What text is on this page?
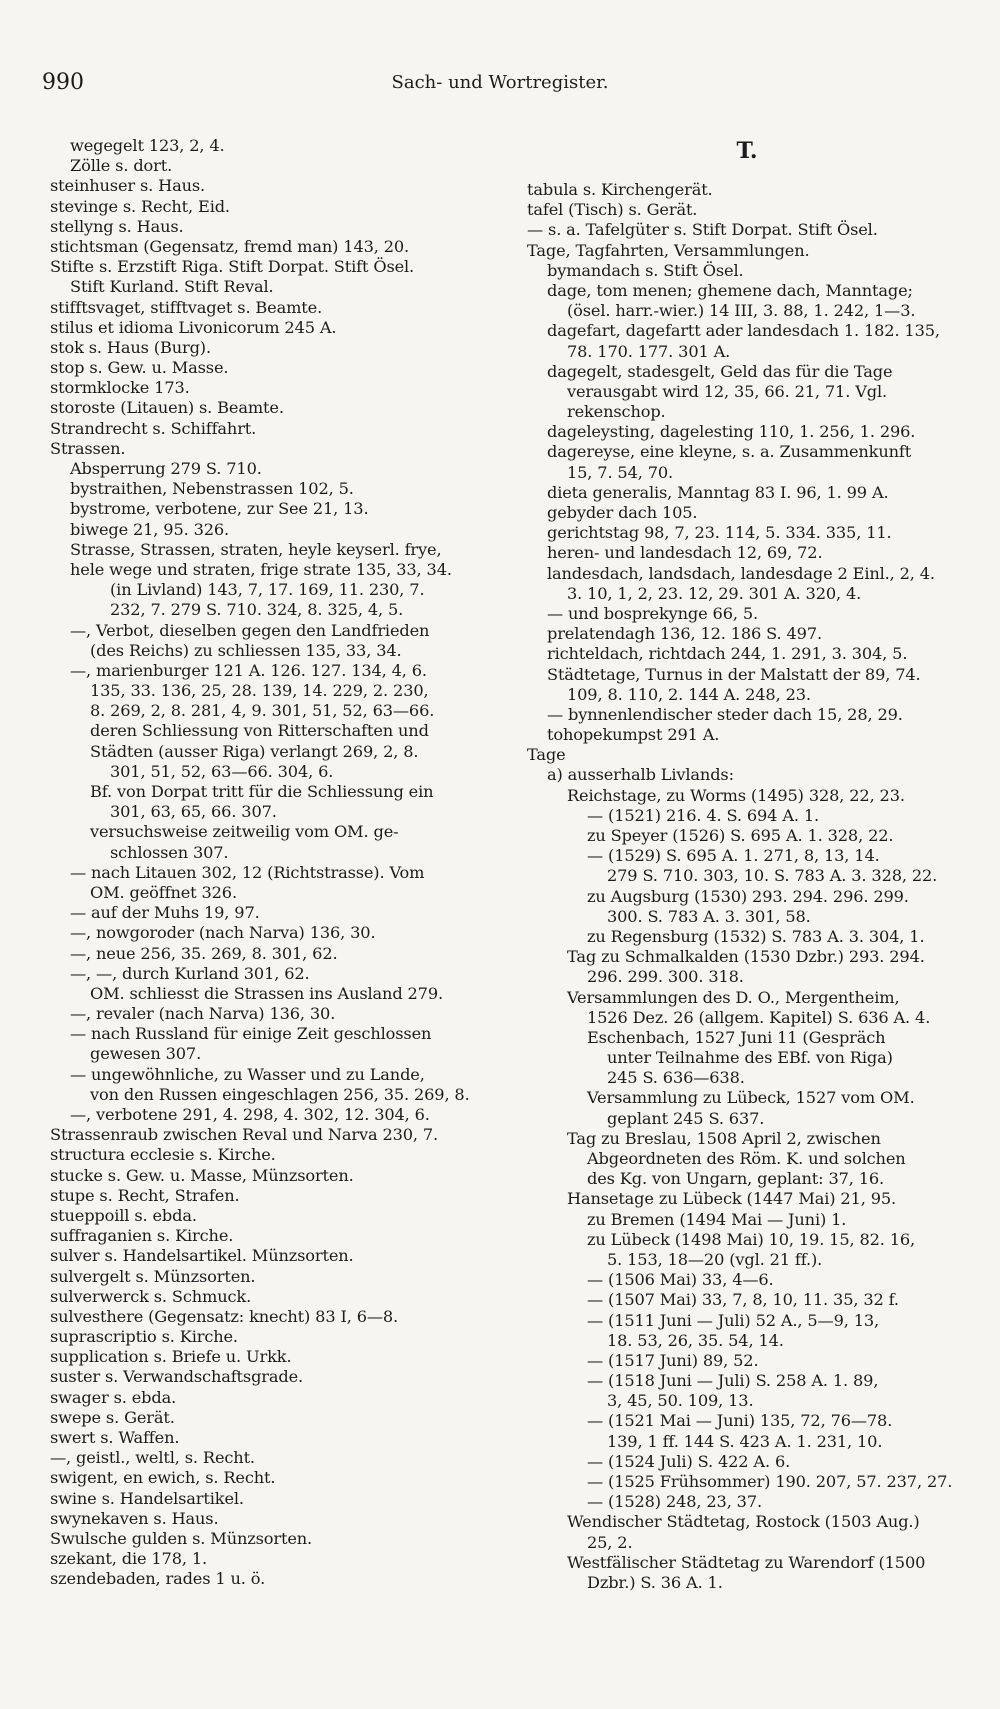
990	Sach- und Wortregister.
wegegelt 123, 2, 4.
Zölle s. dort.
steinhuser s. Haus.
stevinge s. Recht, Eid.
stellyng s. Haus.
stichtsman (Gegensatz, fremd man) 143, 20.
Stifte s. Erzstift Riga. Stift Dorpat. Stift Ösel.
Stift Kurland. Stift Reval.
stifftsvaget, stifftvaget s. Beamte.
stilus et idioma Livonicorum 245 A.
stok s. Haus (Burg).
stop s. Gew. u. Masse.
stormklocke 173.
storoste (Litauen) s. Beamte.
Strandrecht s. Schiffahrt.
Strassen.
Absperrung 279 S. 710.
bystraithen, Nebenstrassen 102, 5.
bystrome, verbotene, zur See 21, 13.
biwege 21, 95. 326.
Strasse, Strassen, straten, heyle keyserl. frye,
hele wege und straten, frige strate 135, 33, 34.
(in Livland) 143, 7, 17. 169, 11. 230, 7.
232, 7. 279 S. 710. 324, 8. 325, 4, 5.
—, Verbot, dieselben gegen den Landfrieden
(des Reichs) zu schliessen 135, 33, 34.
—, marienburger 121 A. 126. 127. 134, 4, 6.
135, 33. 136, 25, 28. 139, 14. 229, 2. 230,
8. 269, 2, 8. 281, 4, 9. 301, 51, 52, 63—66.
deren Schliessung von Ritterschaften und
Städten (ausser Riga) verlangt 269, 2, 8.
301, 51, 52, 63—66. 304, 6.
Bf. von Dorpat tritt für die Schliessung ein
301, 63, 65, 66. 307.
versuchsweise zeitweilig vom OM. ge-
schlossen 307.
— nach Litauen 302, 12 (Richtstrasse). Vom
OM. geöffnet 326.
— auf der Muhs 19, 97.
—, nowgoroder (nach Narva) 136, 30.
—, neue 256, 35. 269, 8. 301, 62.
—, —, durch Kurland 301, 62.
OM. schliesst die Strassen ins Ausland 279.
—, revaler (nach Narva) 136, 30.
— nach Russland für einige Zeit geschlossen
gewesen 307.
— ungewöhnliche, zu Wasser und zu Lande,
von den Russen eingeschlagen 256, 35. 269, 8.
—, verbotene 291, 4. 298, 4. 302, 12. 304, 6.
Strassenraub zwischen Reval und Narva 230, 7.
structura ecclesie s. Kirche.
stucke s. Gew. u. Masse, Münzsorten.
stupe s. Recht, Strafen.
stueppoill s. ebda.
suffraganien s. Kirche.
sulver s. Handelsartikel. Münzsorten.
sulvergelt s. Münzsorten.
sulverwerck s. Schmuck.
sulvesthere (Gegensatz: knecht) 83 I, 6—8.
suprascriptio s. Kirche.
supplication s. Briefe u. Urkk.
suster s. Verwandschaftsgrade.
swager s. ebda.
swepe s. Gerät.
swert s. Waffen.
—, geistl., weltl, s. Recht.
swigent, en ewich, s. Recht.
swine s. Handelsartikel.
swynekaven s. Haus.
Swulsche gulden s. Münzsorten.
szekant, die 178, 1.
szendebaden, rades 1 u. ö.
T.
tabula s. Kirchengerät.
tafel (Tisch) s. Gerät.
— s. a. Tafelgüter s. Stift Dorpat. Stift Ösel.
Tage, Tagfahrten, Versammlungen.
bymandach s. Stift Ösel.
dage, tom menen; ghemene dach, Manntage;
(ösel. harr.-wier.) 14 III, 3. 88, 1. 242, 1—3.
dagefart, dagefartt ader landesdach 1. 182. 135,
78. 170. 177. 301 A.
dagegelt, stadesgelt, Geld das für die Tage
verausgabt wird 12, 35, 66. 21, 71. Vgl.
rekenschop.
dageleysting, dagelesting 110, 1. 256, 1. 296.
dagereyse, eine kleyne, s. a. Zusammenkunft
15, 7. 54, 70.
dieta generalis, Manntag 83 I. 96, 1. 99 A.
gebyder dach 105.
gerichtstag 98, 7, 23. 114, 5. 334. 335, 11.
heren- und landesdach 12, 69, 72.
landesdach, landsdach, landesdage 2 Einl., 2, 4.
3. 10, 1, 2, 23. 12, 29. 301 A. 320, 4.
— und bosprekynge 66, 5.
prelatendagh 136, 12. 186 S. 497.
richteldach, richtdach 244, 1. 291, 3. 304, 5.
Städtetage, Turnus in der Malstatt der 89, 74.
109, 8. 110, 2. 144 A. 248, 23.
— bynnenlendischer steder dach 15, 28, 29.
tohopekumpst 291 A.
Tage
a) ausserhalb Livlands:
Reichstage, zu Worms (1495) 328, 22, 23.
— (1521) 216. 4. S. 694 A. 1.
zu Speyer (1526) S. 695 A. 1. 328, 22.
— (1529) S. 695 A. 1. 271, 8, 13, 14.
279 S. 710. 303, 10. S. 783 A. 3. 328, 22.
zu Augsburg (1530) 293. 294. 296. 299.
300. S. 783 A. 3. 301, 58.
zu Regensburg (1532) S. 783 A. 3. 304, 1.
Tag zu Schmalkalden (1530 Dzbr.) 293. 294.
296. 299. 300. 318.
Versammlungen des D. O., Mergentheim,
1526 Dez. 26 (allgem. Kapitel) S. 636 A. 4.
Eschenbach, 1527 Juni 11 (Gespräch
unter Teilnahme des EBf. von Riga)
245 S. 636—638.
Versammlung zu Lübeck, 1527 vom OM.
geplant 245 S. 637.
Tag zu Breslau, 1508 April 2, zwischen
Abgeordneten des Röm. K. und solchen
des Kg. von Ungarn, geplant: 37, 16.
Hansetage zu Lübeck (1447 Mai) 21, 95.
zu Bremen (1494 Mai — Juni) 1.
zu Lübeck (1498 Mai) 10, 19. 15, 82. 16,
5. 153, 18—20 (vgl. 21 ff.).
— (1506 Mai) 33, 4—6.
— (1507 Mai) 33, 7, 8, 10, 11. 35, 32 f.
— (1511 Juni — Juli) 52 A., 5—9, 13,
18. 53, 26, 35. 54, 14.
— (1517 Juni) 89, 52.
— (1518 Juni — Juli) S. 258 A. 1. 89,
3, 45, 50. 109, 13.
— (1521 Mai — Juni) 135, 72, 76—78.
139, 1 ff. 144 S. 423 A. 1. 231, 10.
— (1524 Juli) S. 422 A. 6.
— (1525 Frühsommer) 190. 207, 57. 237, 27.
— (1528) 248, 23, 37.
Wendischer Städtetag, Rostock (1503 Aug.)
25, 2.
Westfälischer Städtetag zu Warendorf (1500
Dzbr.) S. 36 A. 1.
